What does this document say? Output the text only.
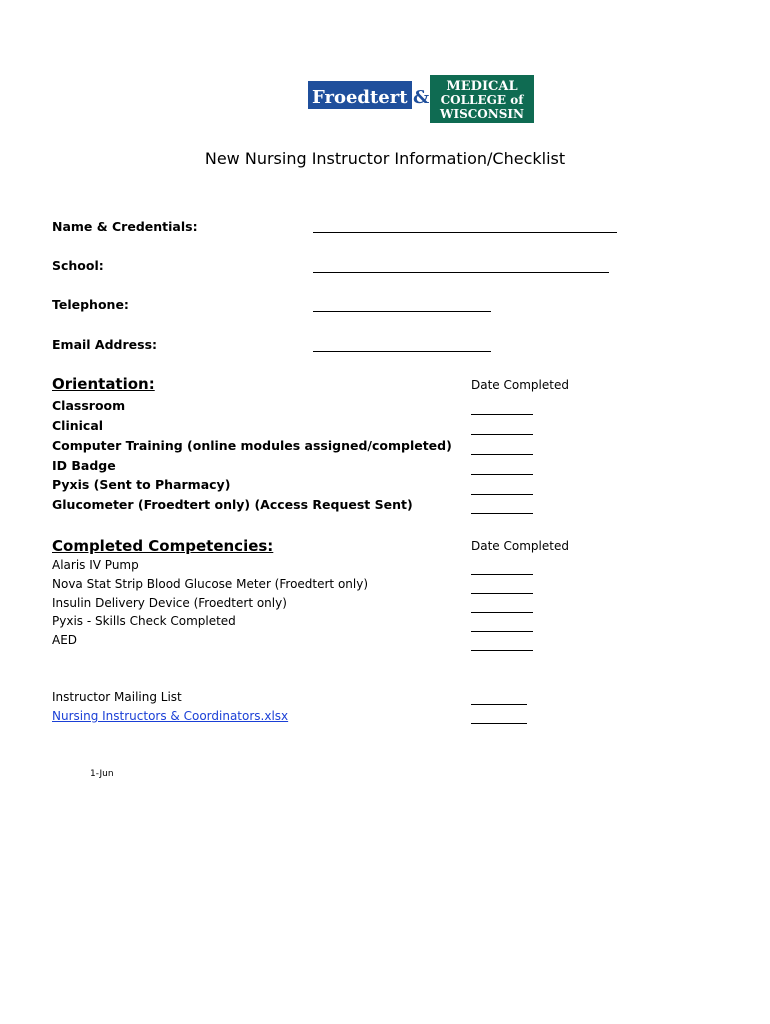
Froedtert &
MEDICAL
COLLEGE of
WISCONSIN
New Nursing Instructor Information/Checklist
Name & Credentials:
School:
Telephone:
Email Address:
Orientation:	Date Completed
Classroom
Clinical
Computer Training (online modules assigned/completed)
ID Badge
Pyxis (Sent to Pharmacy)
Glucometer (Froedtert only) (Access Request Sent)
Completed Competencies:	Date Completed
Alaris IV Pump
Nova Stat Strip Blood Glucose Meter (Froedtert only)
Insulin Delivery Device (Froedtert only)
Pyxis - Skills Check Completed
AED
Instructor Mailing List
Nursing Instructors & Coordinators.xlsx
1-Jun
